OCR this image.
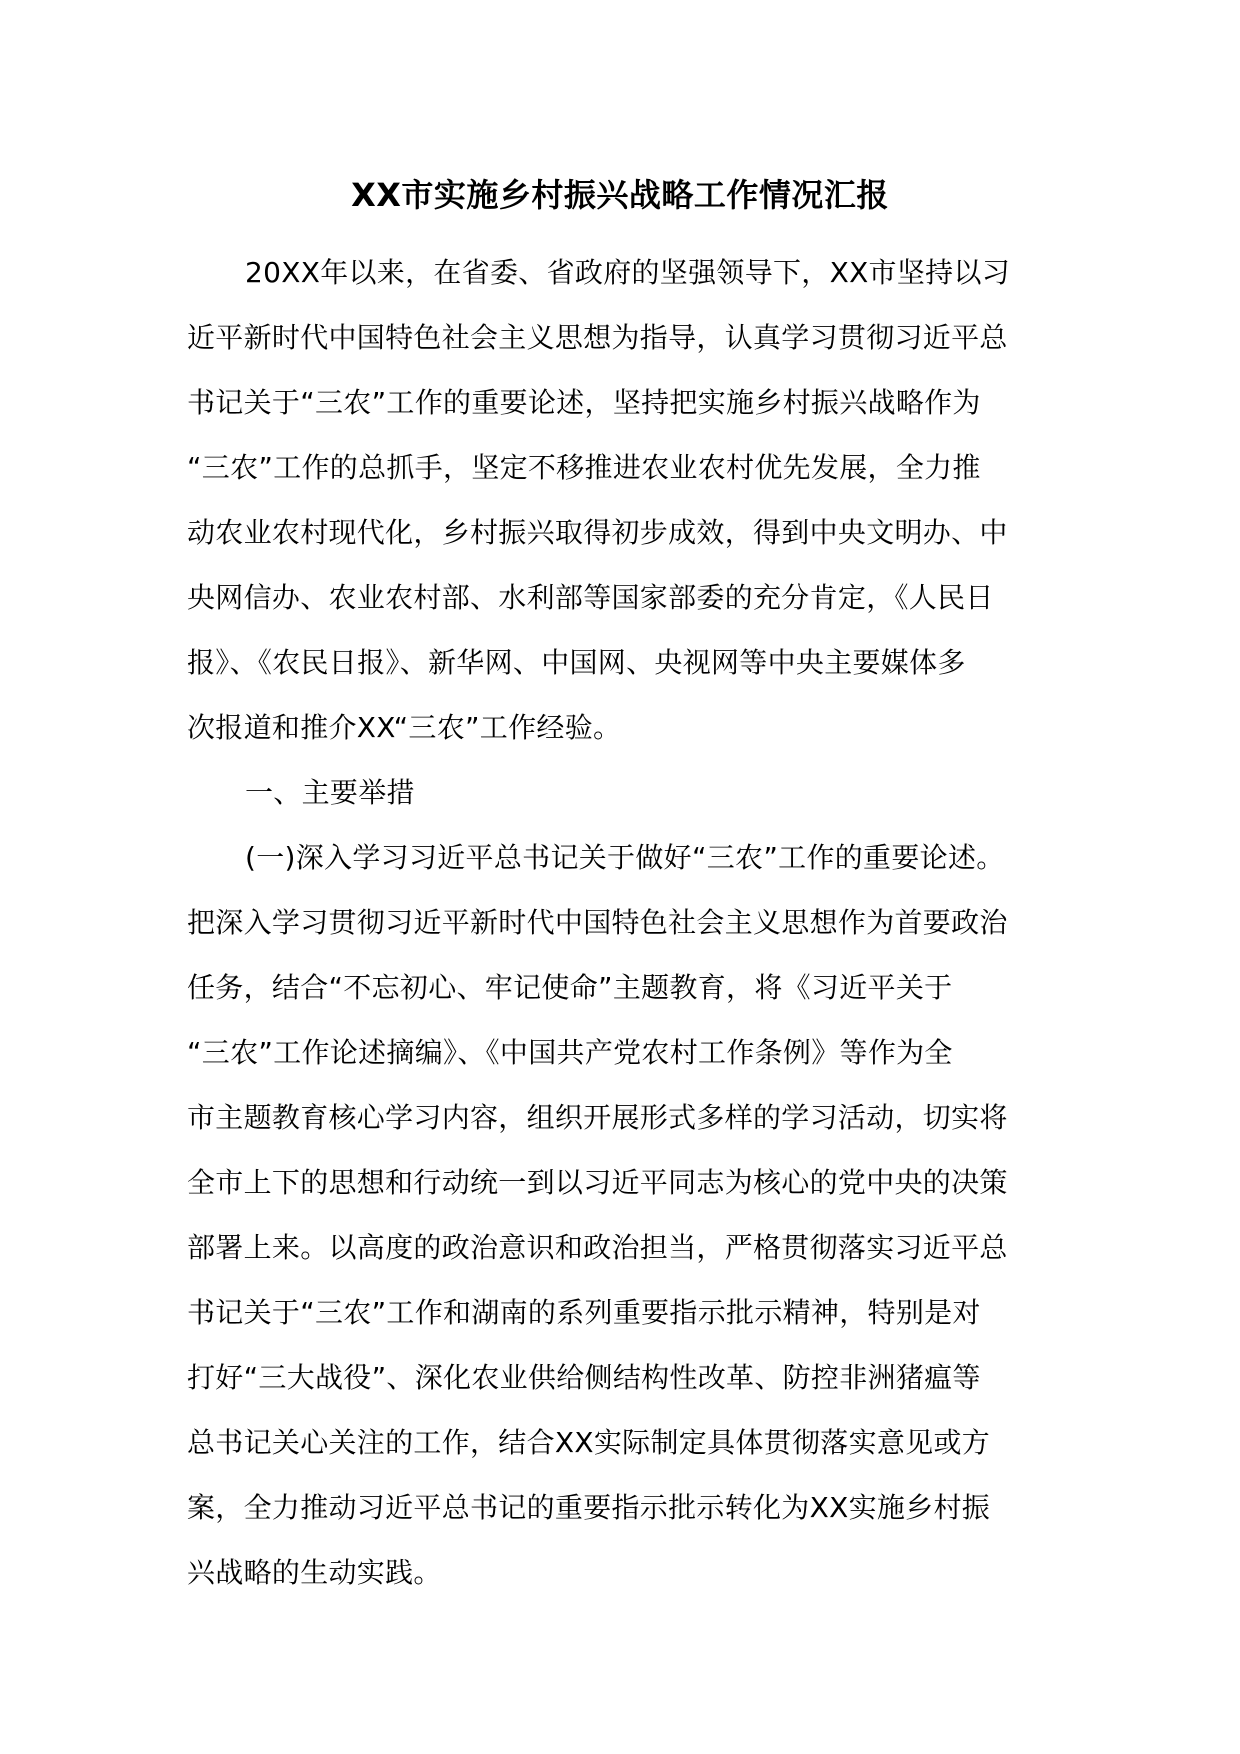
XX市实施乡村振兴战略工作情况汇报
20XX年以来，在省委、省政府的坚强领导下，XX市坚持以习
近平新时代中国特色社会主义思想为指导，认真学习贯彻习近平总
书记关于“三农”工作的重要论述，坚持把实施乡村振兴战略作为
“三农”工作的总抓手，坚定不移推进农业农村优先发展，全力推
动农业农村现代化，乡村振兴取得初步成效，得到中央文明办、中
央网信办、农业农村部、水利部等国家部委的充分肯定，《人民日
报》、《农民日报》、新华网、中国网、央视网等中央主要媒体多
次报道和推介XX“三农”工作经验。
一、主要举措
(一)深入学习习近平总书记关于做好“三农”工作的重要论述。
把深入学习贯彻习近平新时代中国特色社会主义思想作为首要政治
任务，结合“不忘初心、牢记使命”主题教育，将《习近平关于
“三农”工作论述摘编》、《中国共产党农村工作条例》等作为全
市主题教育核心学习内容，组织开展形式多样的学习活动，切实将
全市上下的思想和行动统一到以习近平同志为核心的党中央的决策
部署上来。以高度的政治意识和政治担当，严格贯彻落实习近平总
书记关于“三农”工作和湖南的系列重要指示批示精神，特别是对
打好“三大战役”、深化农业供给侧结构性改革、防控非洲猪瘟等
总书记关心关注的工作，结合XX实际制定具体贯彻落实意见或方
案，全力推动习近平总书记的重要指示批示转化为XX实施乡村振
兴战略的生动实践。
